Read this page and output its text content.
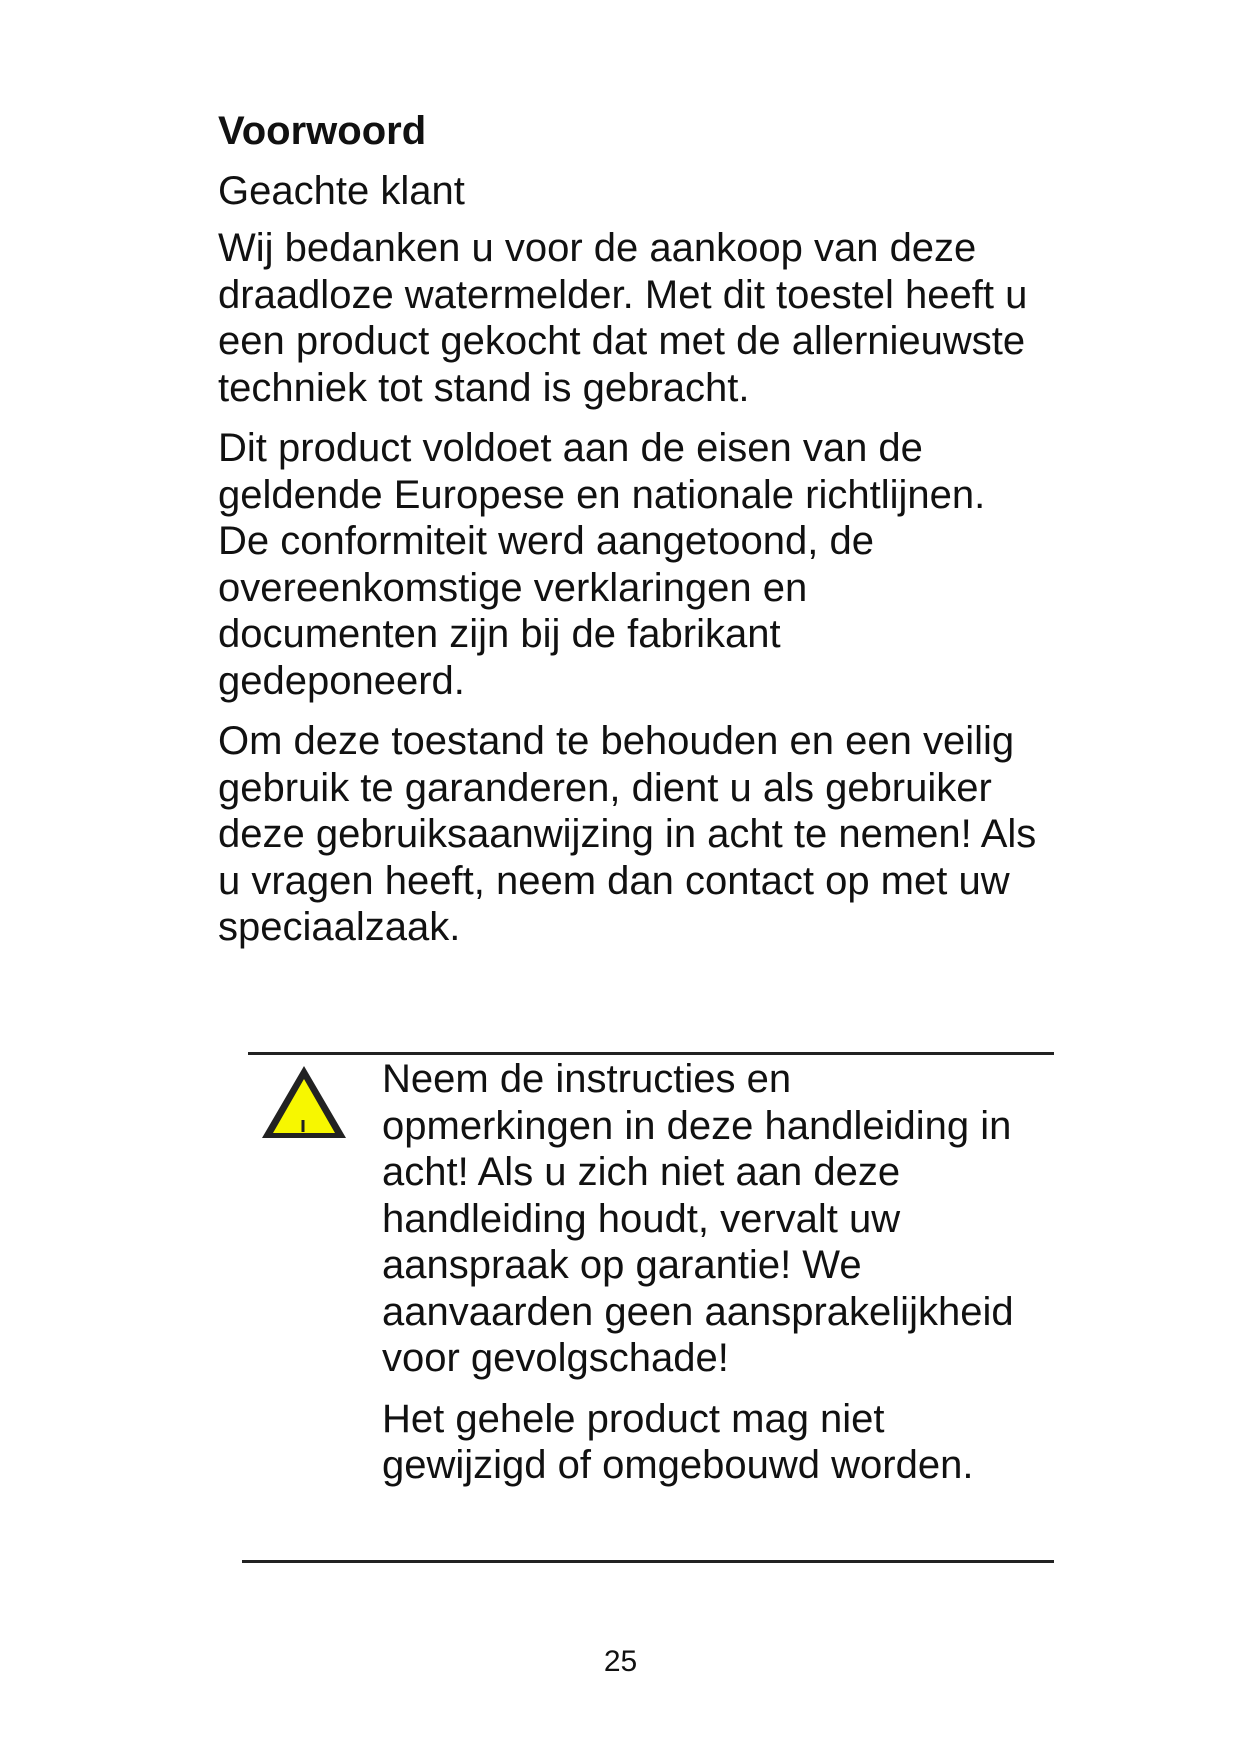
Voorwoord
Geachte klant

Wij bedanken u voor de aankoop van deze draadloze watermelder. Met dit toestel heeft u een product gekocht dat met de allernieuwste techniek tot stand is gebracht.

Dit product voldoet aan de eisen van de geldende Europese en nationale richtlijnen. De conformiteit werd aangetoond, de overeenkomstige verklaringen en documenten zijn bij de fabrikant gedeponeerd.

Om deze toestand te behouden en een veilig gebruik te garanderen, dient u als gebruiker deze gebruiksaanwijzing in acht te nemen! Als u vragen heeft, neem dan contact op met uw speciaalzaak.

Neem de instructies en opmerkingen in deze handleiding in acht! Als u zich niet aan deze handleiding houdt, vervalt uw aanspraak op garantie! We aanvaarden geen aansprakelijkheid voor gevolgschade!

Het gehele product mag niet gewijzigd of omgebouwd worden.

25
